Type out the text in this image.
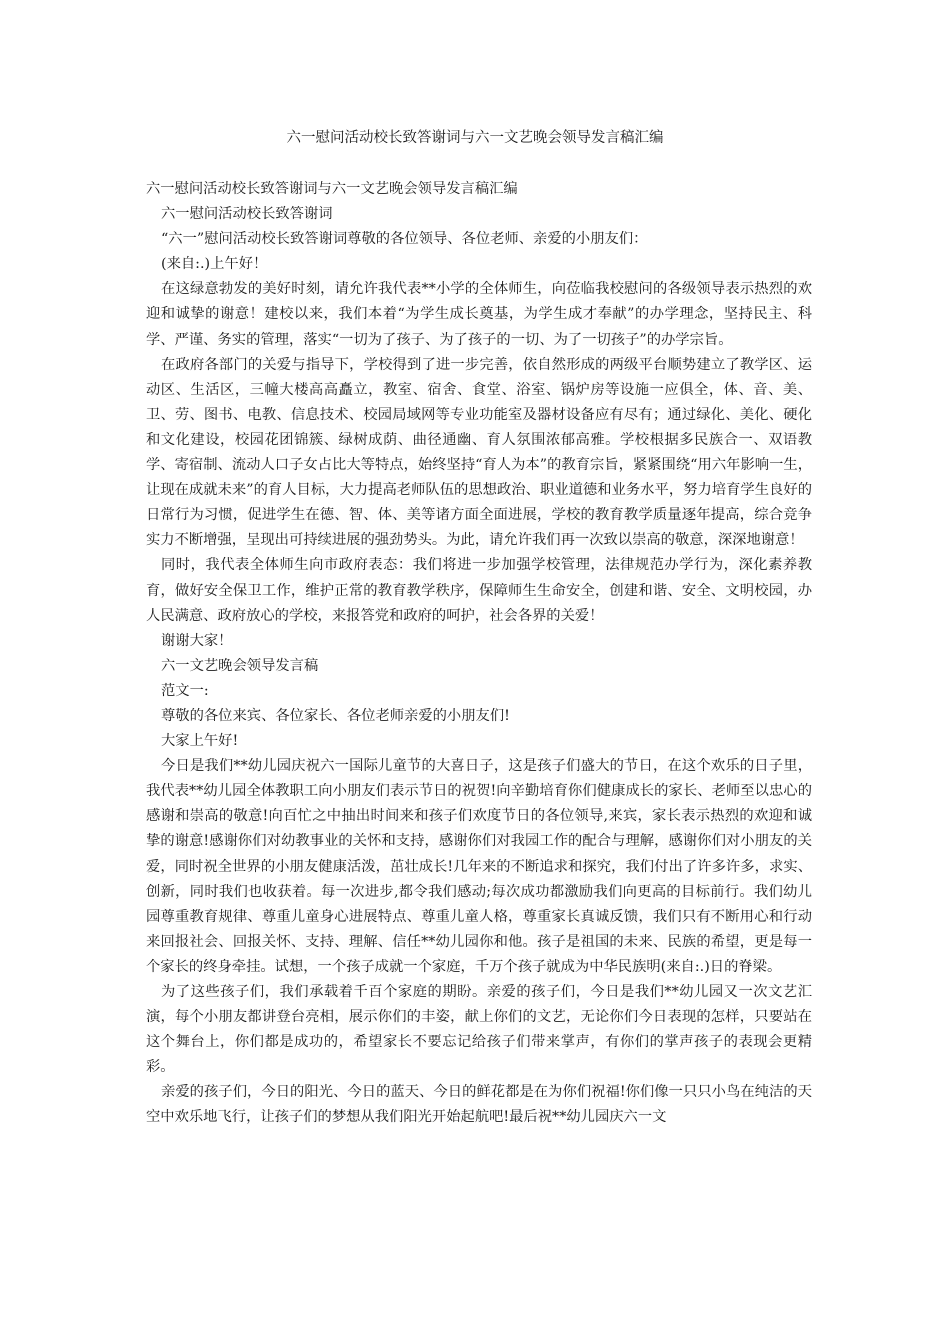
六一慰问活动校长致答谢词与六一文艺晚会领导发言稿汇编

六一慰问活动校长致答谢词与六一文艺晚会领导发言稿汇编

六一慰问活动校长致答谢词

“六一”慰问活动校长致答谢词尊敬的各位领导、各位老师、亲爱的小朋友们：

(来自:.)上午好！

在这绿意勃发的美好时刻，请允许我代表**小学的全体师生，向莅临我校慰问的各级领导表示热烈的欢迎和诚挚的谢意！建校以来，我们本着“为学生成长奠基，为学生成才奉献”的办学理念，坚持民主、科学、严谨、务实的管理，落实“一切为了孩子、为了孩子的一切、为了一切孩子”的办学宗旨。

在政府各部门的关爱与指导下，学校得到了进一步完善，依自然形成的两级平台顺势建立了教学区、运动区、生活区，三幢大楼高高矗立，教室、宿舍、食堂、浴室、锅炉房等设施一应俱全，体、音、美、卫、劳、图书、电教、信息技术、校园局域网等专业功能室及器材设备应有尽有；通过绿化、美化、硬化和文化建设，校园花团锦簇、绿树成荫、曲径通幽、育人氛围浓郁高雅。学校根据多民族合一、双语教学、寄宿制、流动人口子女占比大等特点，始终坚持“育人为本”的教育宗旨，紧紧围绕“用六年影响一生，让现在成就未来”的育人目标，大力提高老师队伍的思想政治、职业道德和业务水平，努力培育学生良好的日常行为习惯，促进学生在德、智、体、美等诸方面全面进展，学校的教育教学质量逐年提高，综合竞争实力不断增强，呈现出可持续进展的强劲势头。为此，请允许我们再一次致以崇高的敬意，深深地谢意！

同时，我代表全体师生向市政府表态：我们将进一步加强学校管理，法律规范办学行为，深化素养教育，做好安全保卫工作，维护正常的教育教学秩序，保障师生生命安全，创建和谐、安全、文明校园，办人民满意、政府放心的学校，来报答党和政府的呵护，社会各界的关爱！

谢谢大家！

六一文艺晚会领导发言稿

范文一:

尊敬的各位来宾、各位家长、各位老师亲爱的小朋友们!

大家上午好!

今日是我们**幼儿园庆祝六一国际儿童节的大喜日子，这是孩子们盛大的节日，在这个欢乐的日子里，我代表**幼儿园全体教职工向小朋友们表示节日的祝贺!向辛勤培育你们健康成长的家长、老师至以忠心的感谢和崇高的敬意!向百忙之中抽出时间来和孩子们欢度节日的各位领导,来宾，家长表示热烈的欢迎和诚挚的谢意!感谢你们对幼教事业的关怀和支持，感谢你们对我园工作的配合与理解，感谢你们对小朋友的关爱，同时祝全世界的小朋友健康活泼，茁壮成长!几年来的不断追求和探究，我们付出了许多许多，求实、创新，同时我们也收获着。每一次进步,都令我们感动;每次成功都激励我们向更高的目标前行。我们幼儿园尊重教育规律、尊重儿童身心进展特点、尊重儿童人格，尊重家长真诚反馈，我们只有不断用心和行动来回报社会、回报关怀、支持、理解、信任**幼儿园你和他。孩子是祖国的未来、民族的希望，更是每一个家长的终身牵挂。试想，一个孩子成就一个家庭，千万个孩子就成为中华民族明(来自:.)日的脊梁。

为了这些孩子们，我们承载着千百个家庭的期盼。亲爱的孩子们，今日是我们**幼儿园又一次文艺汇演，每个小朋友都讲登台亮相，展示你们的丰姿，献上你们的文艺，无论你们今日表现的怎样，只要站在这个舞台上，你们都是成功的，希望家长不要忘记给孩子们带来掌声，有你们的掌声孩子的表现会更精彩。

亲爱的孩子们，今日的阳光、今日的蓝天、今日的鲜花都是在为你们祝福!你们像一只只小鸟在纯洁的天空中欢乐地飞行，让孩子们的梦想从我们阳光开始起航吧!最后祝**幼儿园庆六一文
